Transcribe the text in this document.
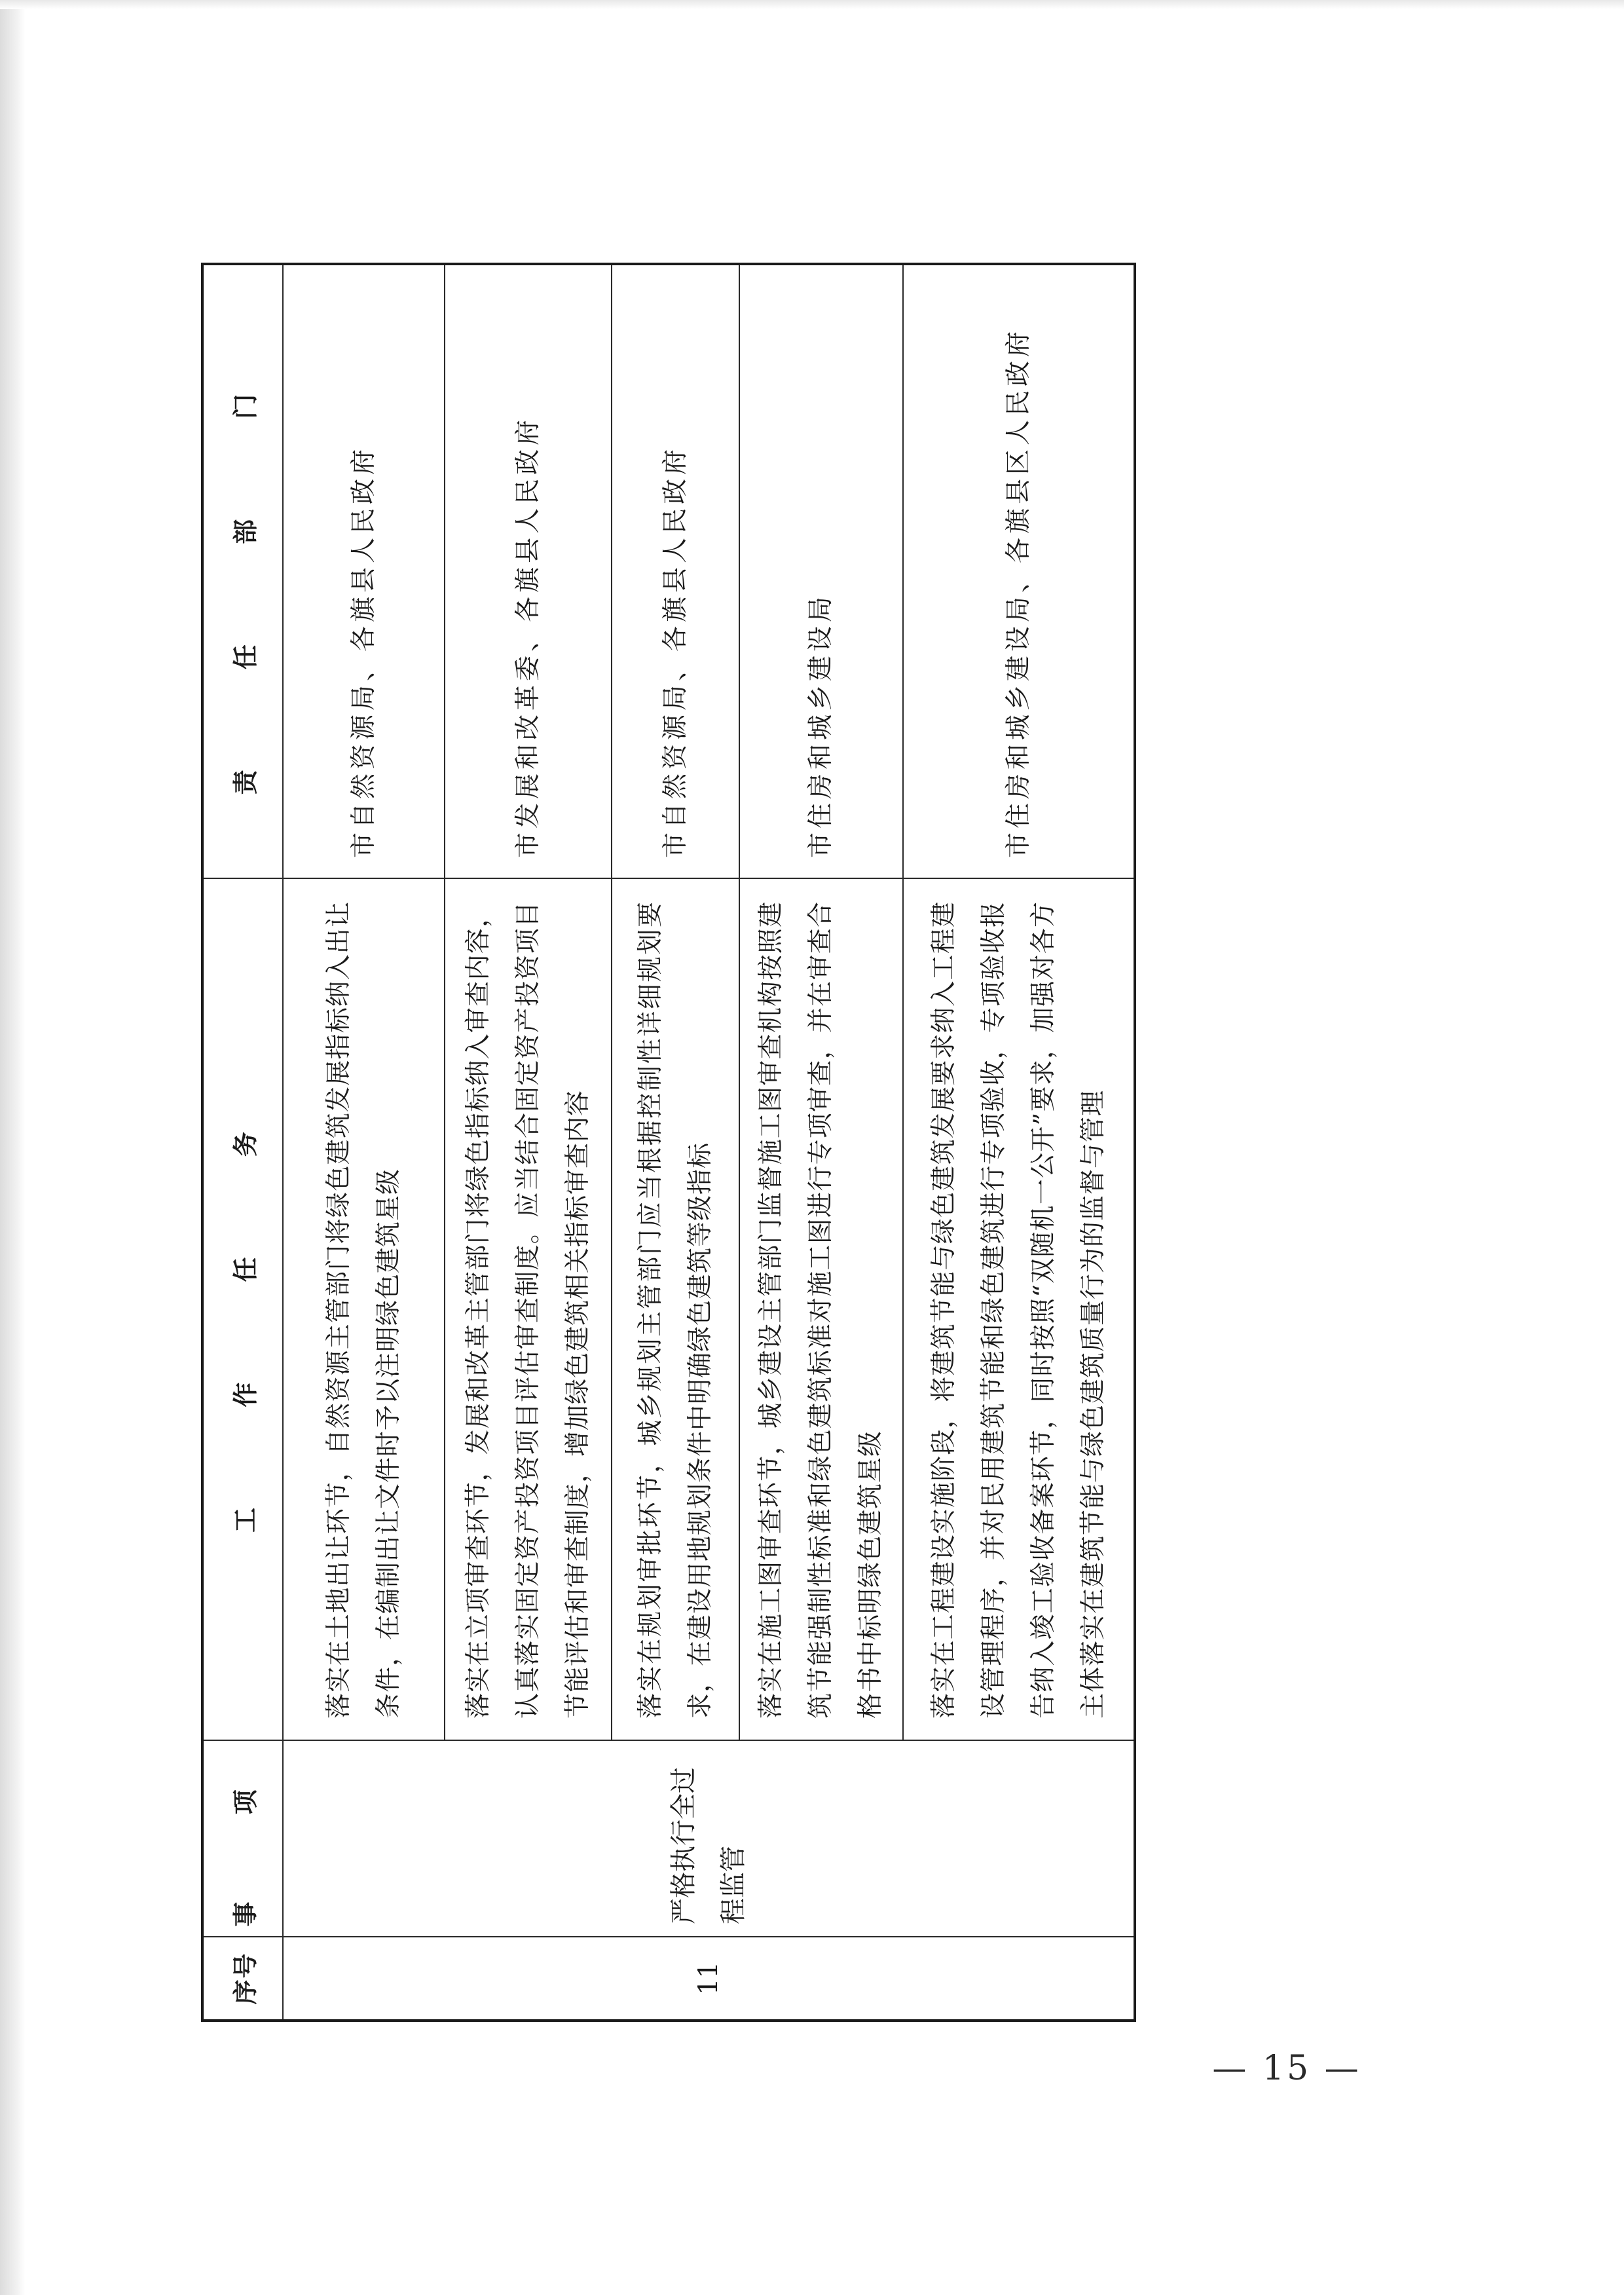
序号	事 项	工 作 任 务	责 任 部 门
11	严格执行全过程监管	落实在土地出让环节，自然资源主管部门将绿色建筑发展指标纳入出让条件，在编制出让文件时予以注明绿色建筑星级	市自然资源局、各旗县人民政府
		落实在立项审查环节，发展和改革主管部门将绿色指标纳入审查内容，认真落实固定资产投资项目评估审查制度。应当结合固定资产投资项目节能评估和审查制度，增加绿色建筑相关指标审查内容	市发展和改革委、各旗县人民政府
		落实在规划审批环节，城乡规划主管部门应当根据控制性详细规划要求，在建设用地规划条件中明确绿色建筑等级指标	市自然资源局、各旗县人民政府
		落实在施工图审查环节，城乡建设主管部门监督施工图审查机构按照建筑节能强制性标准和绿色建筑标准对施工图进行专项审查，并在审查合格书中标明绿色建筑星级	市住房和城乡建设局
		落实在工程建设实施阶段，将建筑节能与绿色建筑发展要求纳入工程建设管理程序，并对民用建筑节能和绿色建筑进行专项验收，专项验收报告纳入竣工验收备案环节，同时按照“双随机一公开”要求，加强对各方主体落实在建筑节能与绿色建筑质量行为的监督与管理	市住房和城乡建设局、各旗县区人民政府
— 15 —
